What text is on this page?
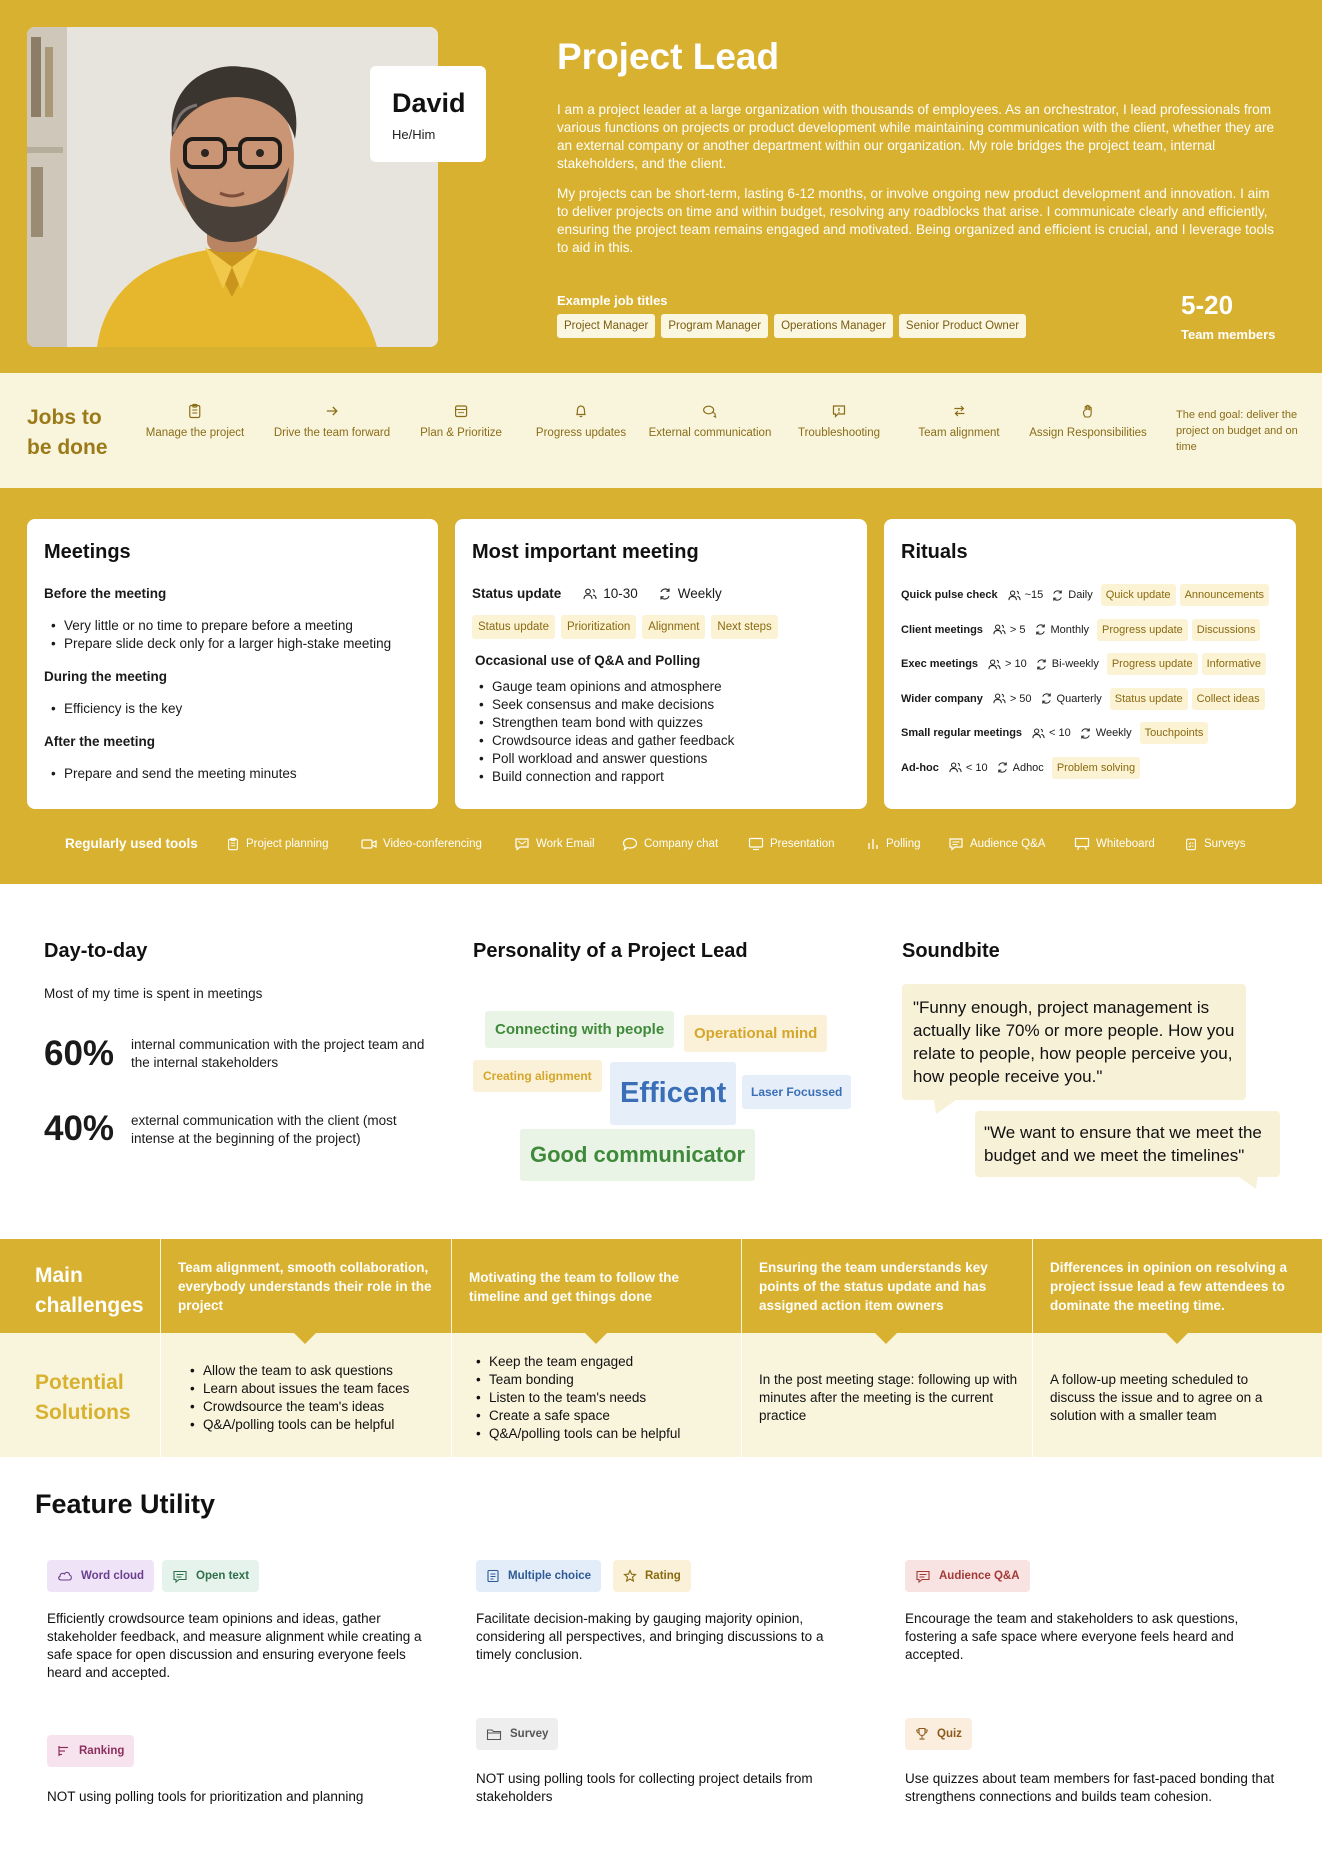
David
He/Him
Project Lead

I am a project leader at a large organization with thousands of employees. As an orchestrator, I lead professionals from various functions on projects or product development while maintaining communication with the client, whether they are an external company or another department within our organization. My role bridges the project team, internal stakeholders, and the client.

My projects can be short-term, lasting 6-12 months, or involve ongoing new product development and innovation. I aim to deliver projects on time and within budget, resolving any roadblocks that arise. I communicate clearly and efficiently, ensuring the project team remains engaged and motivated. Being organized and efficient is crucial, and I leverage tools to aid in this.

Example job titles
Project Manager	Program Manager	Operations Manager	Senior Product Owner
5-20
Team members
Jobs to be done
Manage the project	Drive the team forward	Plan & Prioritize	Progress updates External communication Troubleshooting	Team alignment	Assign Responsibilities
The end goal: deliver the project on budget and on time
Meetings
Before the meeting
• Very little or no time to prepare before a meeting
• Prepare slide deck only for a larger high-stake meeting
During the meeting
• Efficiency is the key
After the meeting
• Prepare and send the meeting minutes
Most important meeting
Status update	10-30	Weekly
Status update	Prioritization	Alignment	Next steps
Occasional use of Q&A and Polling
• Gauge team opinions and atmosphere
• Seek consensus and make decisions
• Strengthen team bond with quizzes
• Crowdsource ideas and gather feedback
• Poll workload and answer questions
• Build connection and rapport
Rituals
Quick pulse check ~15 Daily	Quick update	Announcements
Client meetings > 5 Monthly	Progress update	Discussions
Exec meetings > 10 Bi-weekly	Progress update	Informative
Wider company > 50 Quarterly	Status update	Collect ideas
Small regular meetings < 10 Weekly	Touchpoints
Ad-hoc < 10 Adhoc	Problem solving
Regularly used tools	Project planning	Video-conferencing	Work Email	Company chat	Presentation	Polling	Audience Q&A	Whiteboard	Surveys
Day-to-day
Most of my time is spent in meetings
60% internal communication with the project team and the internal stakeholders
40% external communication with the client (most intense at the beginning of the project)
Personality of a Project Lead
Connecting with people	Operational mind
Creating alignment
Efficent	Laser Focussed
Good communicator
Soundbite
"Funny enough, project management is actually like 70% or more people. How you relate to people, how people perceive you, how people receive you."
"We want to ensure that we meet the budget and we meet the timelines"
Main challenges
Potential Solutions
Team alignment, smooth collaboration, everybody understands their role in the project
Motivating the team to follow the timeline and get things done
Ensuring the team understands key points of the status update and has assigned action item owners
Differences in opinion on resolving a project issue lead a few attendees to dominate the meeting time.
• Allow the team to ask questions
• Learn about issues the team faces
• Crowdsource the team's ideas
• Q&A/polling tools can be helpful
• Keep the team engaged
• Team bonding
• Listen to the team's needs
• Create a safe space
• Q&A/polling tools can be helpful
In the post meeting stage: following up with minutes after the meeting is the current practice
A follow-up meeting scheduled to discuss the issue and to agree on a solution with a smaller team
Feature Utility
Word cloud	Open text
Efficiently crowdsource team opinions and ideas, gather stakeholder feedback, and measure alignment while creating a safe space for open discussion and ensuring everyone feels heard and accepted.
Multiple choice	Rating
Facilitate decision-making by gauging majority opinion, considering all perspectives, and bringing discussions to a timely conclusion.
Audience Q&A
Encourage the team and stakeholders to ask questions, fostering a safe space where everyone feels heard and accepted.
Ranking
NOT using polling tools for prioritization and planning
Survey
NOT using polling tools for collecting project details from stakeholders
Quiz
Use quizzes about team members for fast-paced bonding that strengthens connections and builds team cohesion.
